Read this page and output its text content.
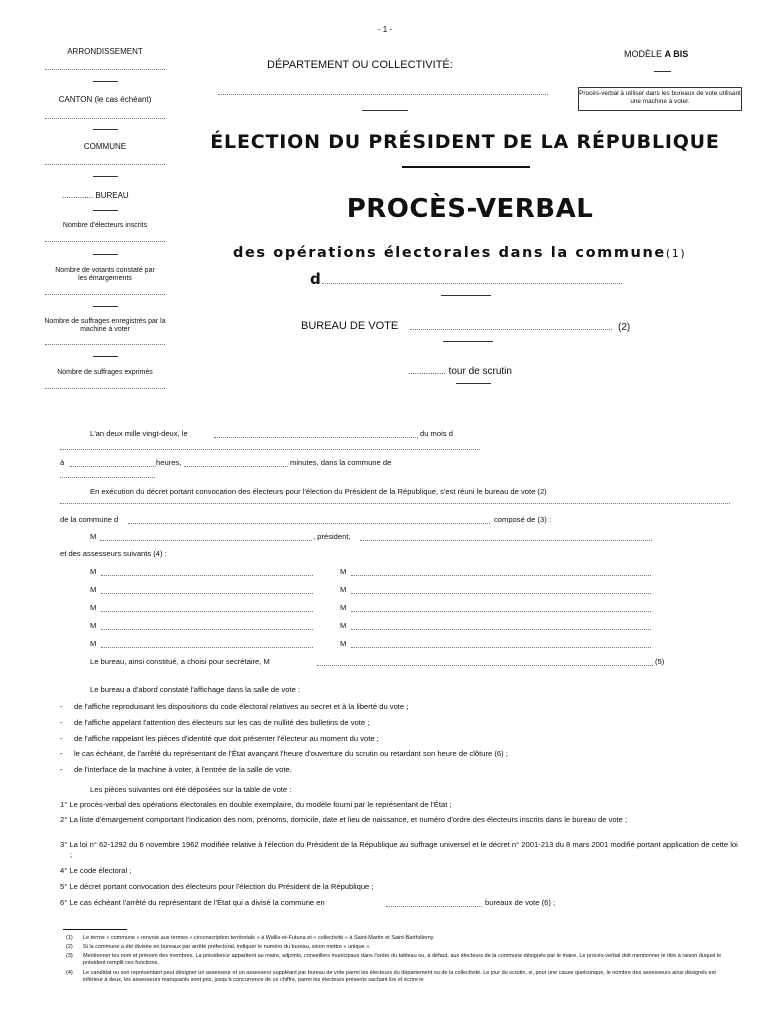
- 1 -
ARRONDISSEMENT
CANTON (le cas échéant)
COMMUNE
.............. BUREAU
Nombre d'électeurs inscrits
Nombre de votants constaté par les émargements
Nombre de suffrages enregistrés par la machine à voter
Nombre de suffrages exprimés
DÉPARTEMENT OU COLLECTIVITÉ:
MODÈLE A BIS
Procès-verbal à utiliser dans les bureaux de vote utilisant une machine à voter.
ÉLECTION DU PRÉSIDENT DE LA RÉPUBLIQUE
PROCÈS-VERBAL
des opérations électorales dans la commune(1)
d
BUREAU DE VOTE	(2)
................. tour de scrutin
L'an deux mille vingt-deux, le	du mois d
à	heures,	minutes, dans la commune de
En exécution du décret portant convocation des électeurs pour l'élection du Président de la République, s'est réuni le bureau de vote (2)
de la commune d	composé de (3) :
M	, président,
et des assesseurs suivants (4) :
M	M
M	M
M	M
M	M
M	M
Le bureau, ainsi constitué, a choisi pour secrétaire, M	(5)
Le bureau a d'abord constaté l'affichage dans la salle de vote :
- de l'affiche reproduisant les dispositions du code électoral relatives au secret et à la liberté du vote ;
- de l'affiche appelant l'attention des électeurs sur les cas de nullité des bulletins de vote ;
- de l'affiche rappelant les pièces d'identité que doit présenter l'électeur au moment du vote ;
- le cas échéant, de l'arrêté du représentant de l'État avançant l'heure d'ouverture du scrutin ou retardant son heure de clôture (6) ;
- de l'interface de la machine à voter, à l'entrée de la salle de vote.
Les pièces suivantes ont été déposées sur la table de vote :
1° Le procès-verbal des opérations électorales en double exemplaire, du modèle fourni par le représentant de l'État ;
2° La liste d'émargement comportant l'indication des nom, prénoms, domicile, date et lieu de naissance, et numéro d'ordre des électeurs inscrits dans le bureau de vote ;
3° La loi n° 62-1292 du 6 novembre 1962 modifiée relative à l'élection du Président de la République au suffrage universel et le décret n° 2001-213 du 8 mars 2001 modifié portant application de cette loi ;
4° Le code électoral ;
5° Le décret portant convocation des électeurs pour l'élection du Président de la République ;
6° Le cas échéant l'arrêté du représentant de l'État qui a divisé la commune en	bureaux de vote (6) ;
(1) Le terme « commune » renvoie aux termes « circonscription territoriale » à Wallis-et-Futuna et « collectivité » à Saint-Martin et Saint-Barthélemy.
(2) Si la commune a été divisée en bureaux par arrêté préfectoral, indiquer le numéro du bureau, sinon mettre « unique ».
(3) Mentionner les nom et prénom des membres. La présidence appartient au maire, adjoints, conseillers municipaux dans l'ordre du tableau ou, à défaut, aux électeurs de la commune désignés par le maire. Le procès-verbal doit mentionner le titre à raison duquel le président remplit ces fonctions.
(4) Le candidat ou son représentant peut désigner un assesseur et un assesseur suppléant par bureau de vote parmi les électeurs du département ou de la collectivité. Le jour du scrutin, si, pour une cause quelconque, le nombre des assesseurs ainsi désignés est inférieur à deux, les assesseurs manquants sont pris, jusqu'à concurrence de ce chiffre, parmi les électeurs présents sachant lire et écrire le
